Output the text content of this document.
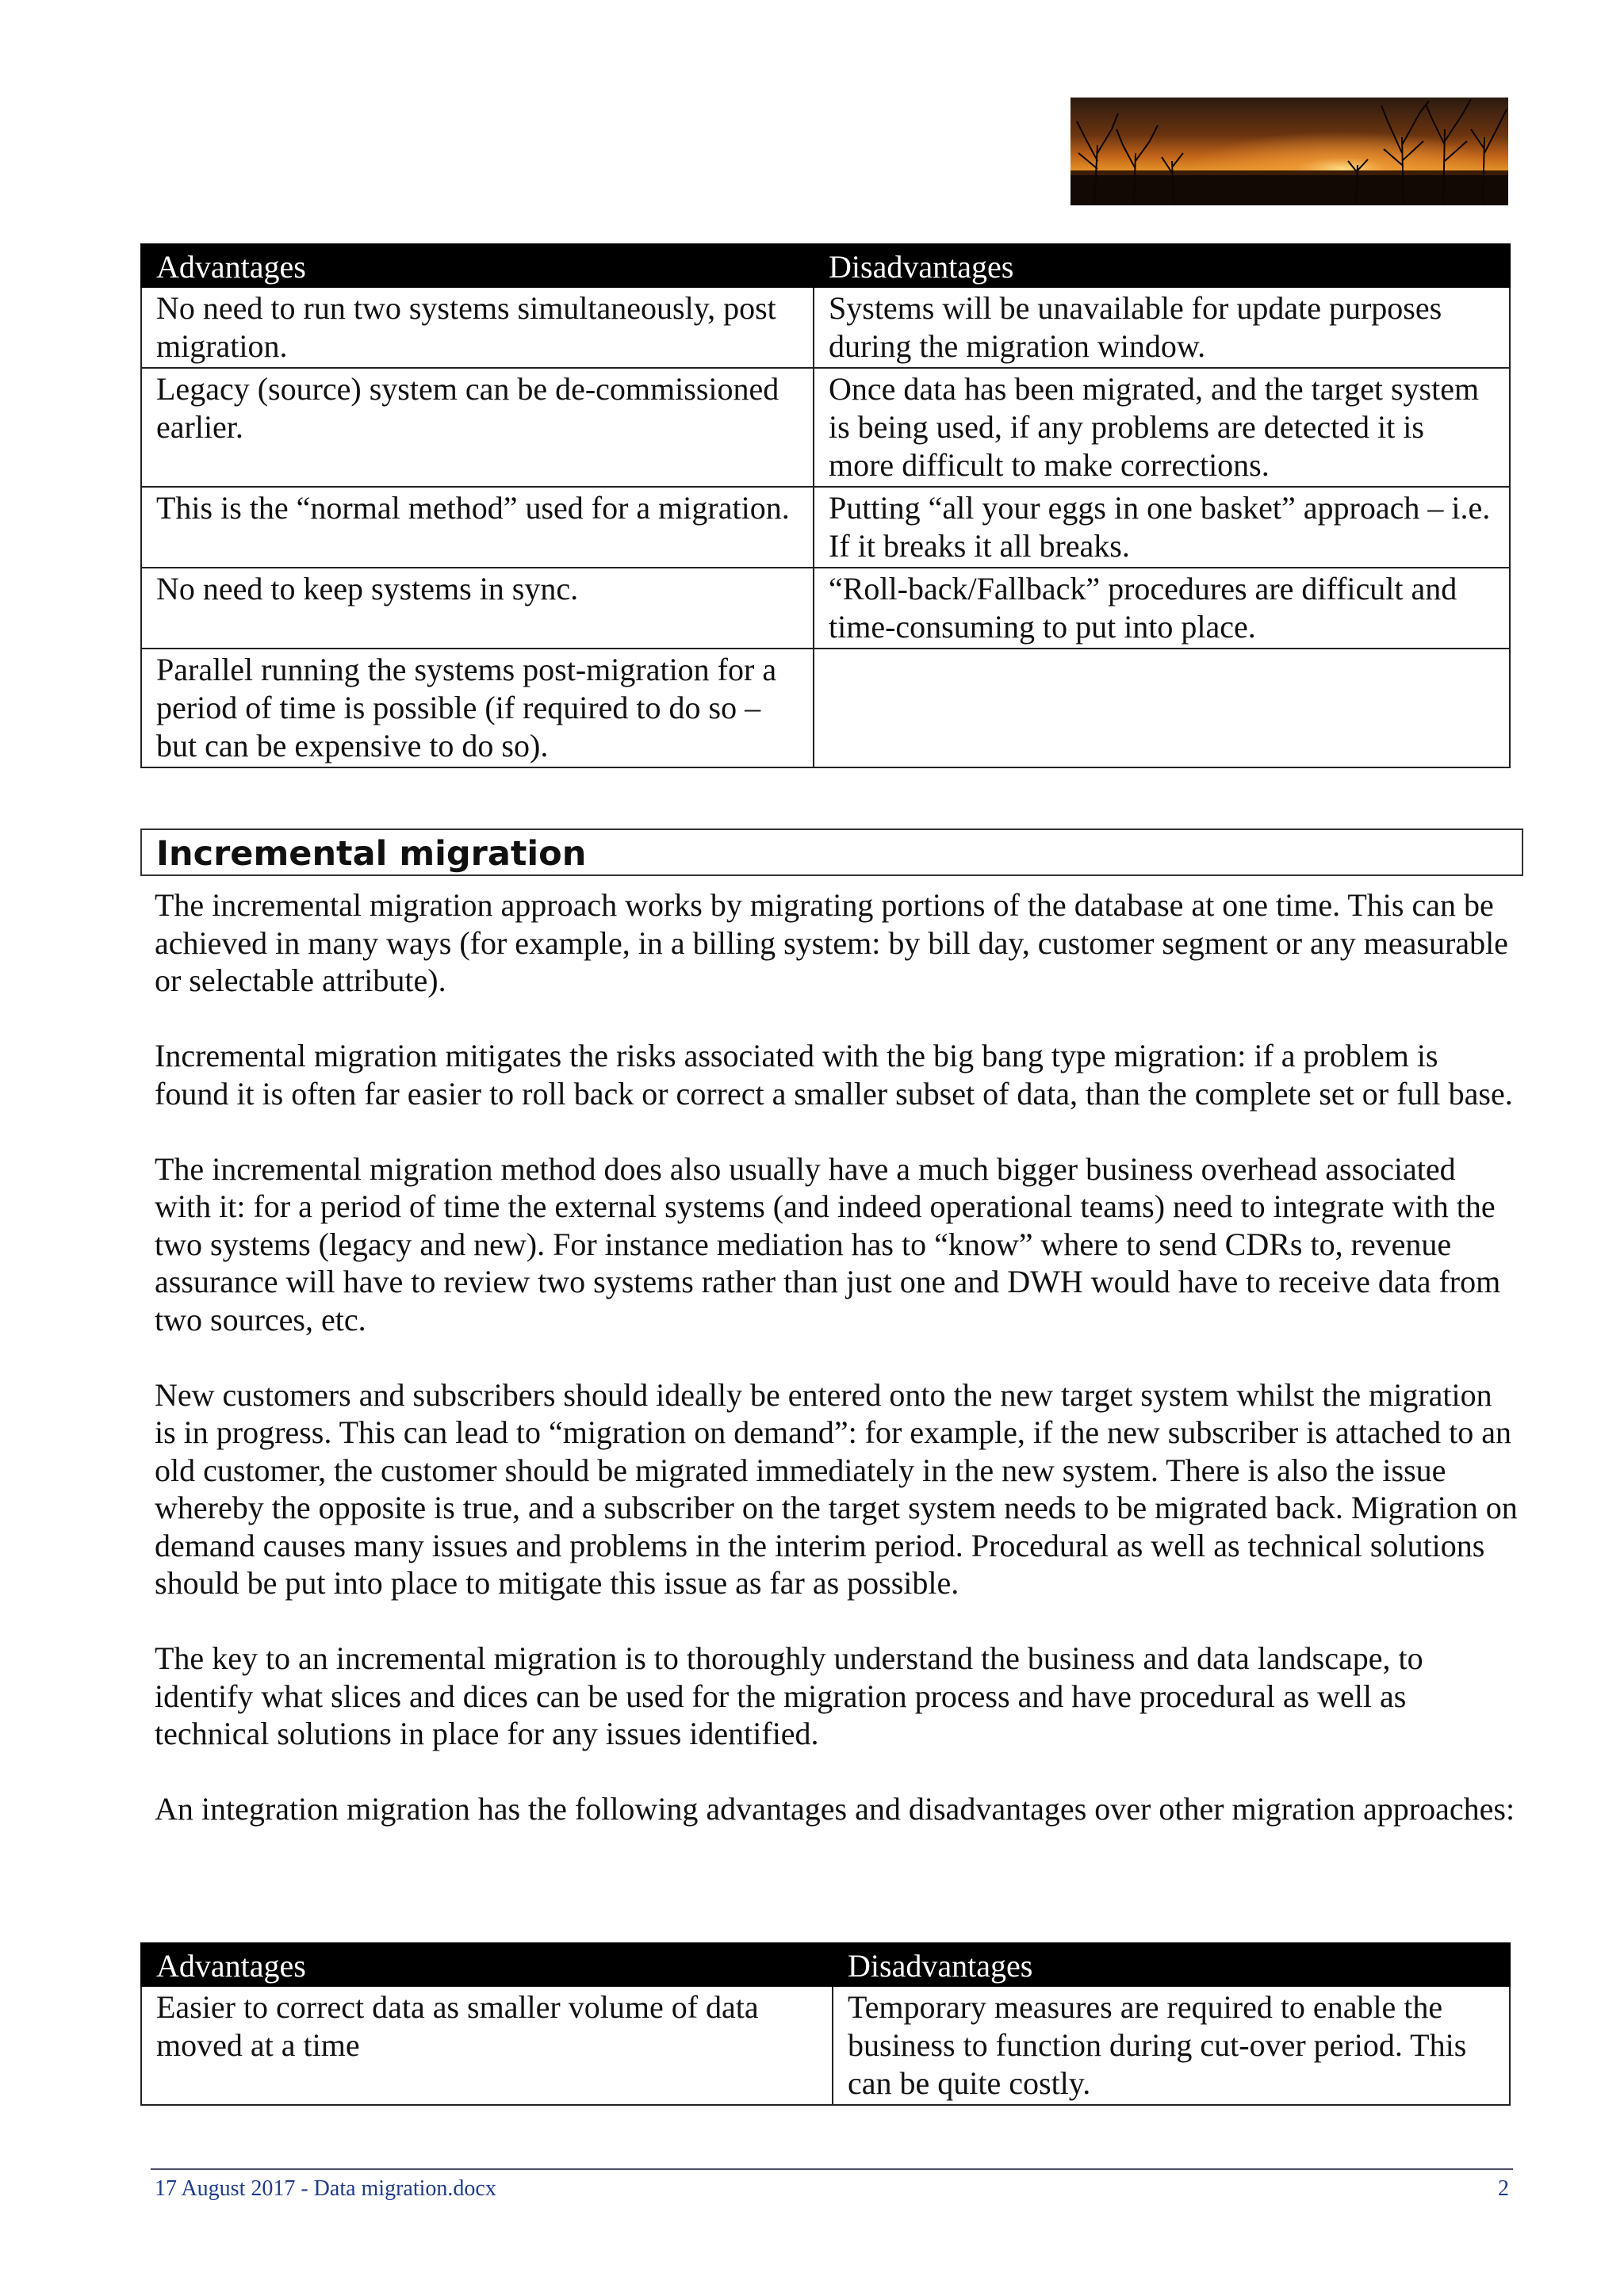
Advantages	Disadvantages
No need to run two systems simultaneously, post migration.	Systems will be unavailable for update purposes during the migration window.
Legacy (source) system can be de-commissioned earlier.	Once data has been migrated, and the target system is being used, if any problems are detected it is more difficult to make corrections.
This is the “normal method” used for a migration.	Putting “all your eggs in one basket” approach – i.e. If it breaks it all breaks.
No need to keep systems in sync.	“Roll-back/Fallback” procedures are difficult and time-consuming to put into place.
Parallel running the systems post-migration for a period of time is possible (if required to do so – but can be expensive to do so).	
Incremental migration

The incremental migration approach works by migrating portions of the database at one time. This can be achieved in many ways (for example, in a billing system: by bill day, customer segment or any measurable or selectable attribute).

Incremental migration mitigates the risks associated with the big bang type migration: if a problem is found it is often far easier to roll back or correct a smaller subset of data, than the complete set or full base.

The incremental migration method does also usually have a much bigger business overhead associated with it: for a period of time the external systems (and indeed operational teams) need to integrate with the two systems (legacy and new). For instance mediation has to “know” where to send CDRs to, revenue assurance will have to review two systems rather than just one and DWH would have to receive data from two sources, etc.

New customers and subscribers should ideally be entered onto the new target system whilst the migration is in progress. This can lead to “migration on demand”: for example, if the new subscriber is attached to an old customer, the customer should be migrated immediately in the new system. There is also the issue whereby the opposite is true, and a subscriber on the target system needs to be migrated back. Migration on demand causes many issues and problems in the interim period. Procedural as well as technical solutions should be put into place to mitigate this issue as far as possible.

The key to an incremental migration is to thoroughly understand the business and data landscape, to identify what slices and dices can be used for the migration process and have procedural as well as technical solutions in place for any issues identified.

An integration migration has the following advantages and disadvantages over other migration approaches:

Advantages	Disadvantages
Easier to correct data as smaller volume of data moved at a time	Temporary measures are required to enable the business to function during cut-over period. This can be quite costly.
17 August 2017 - Data migration.docx	2
